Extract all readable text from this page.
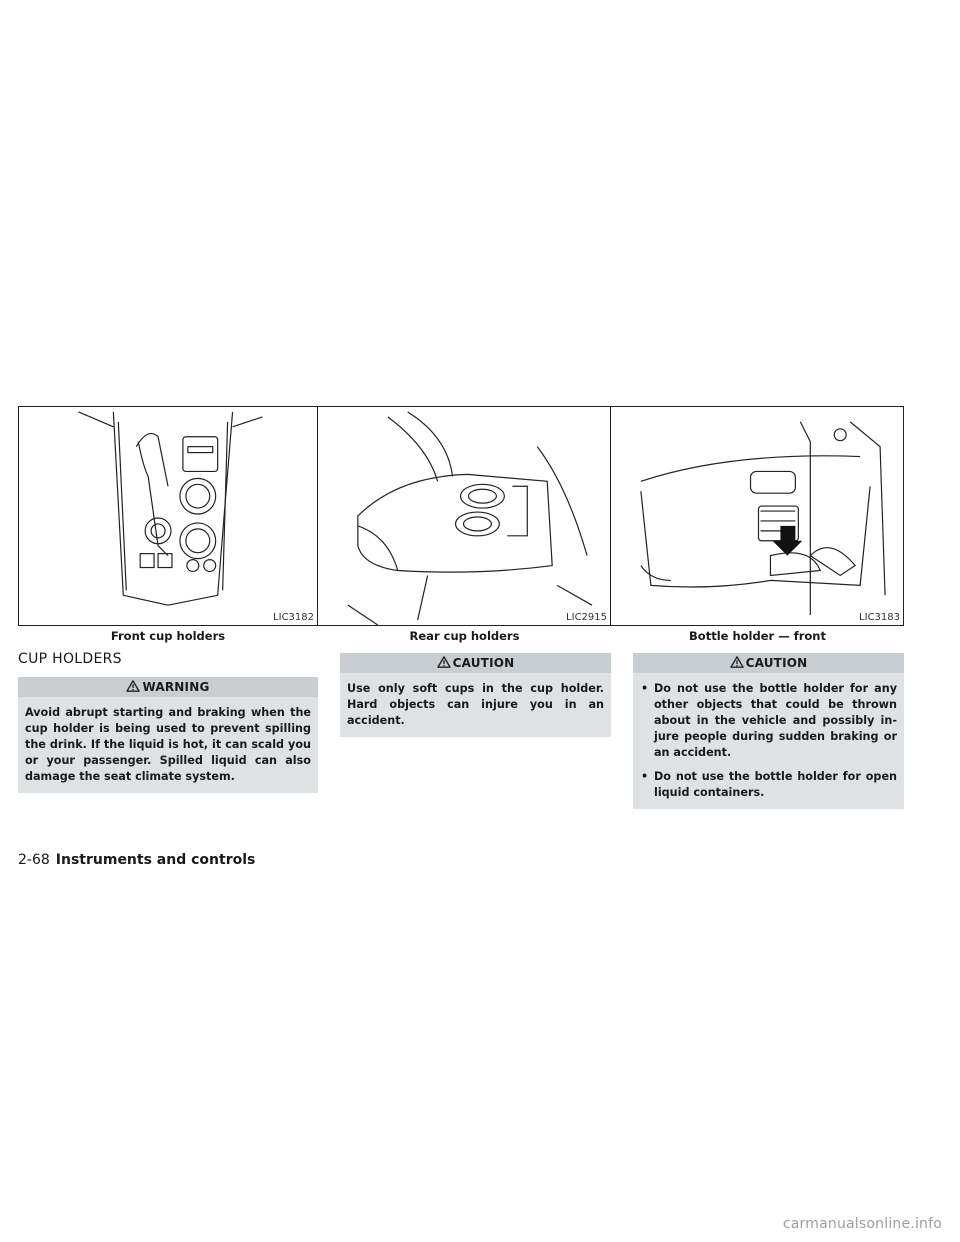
LIC3182
Front cup holders
CUP HOLDERS
WARNING

Avoid abrupt starting and braking when the cup holder is being used to prevent spilling the drink. If the liquid is hot, it can scald you or your passenger. Spilled liquid can also damage the seat climate system.

LIC2915
Rear cup holders
CAUTION

Use only soft cups in the cup holder. Hard objects can injure you in an accident.

LIC3183
Bottle holder — front
CAUTION
• Do not use the bottle holder for any other objects that could be thrown about in the vehicle and possibly in- jure people during sudden braking or an accident.
• Do not use the bottle holder for open liquid containers.
2-68 Instruments and controls
carmanualsonline.info
